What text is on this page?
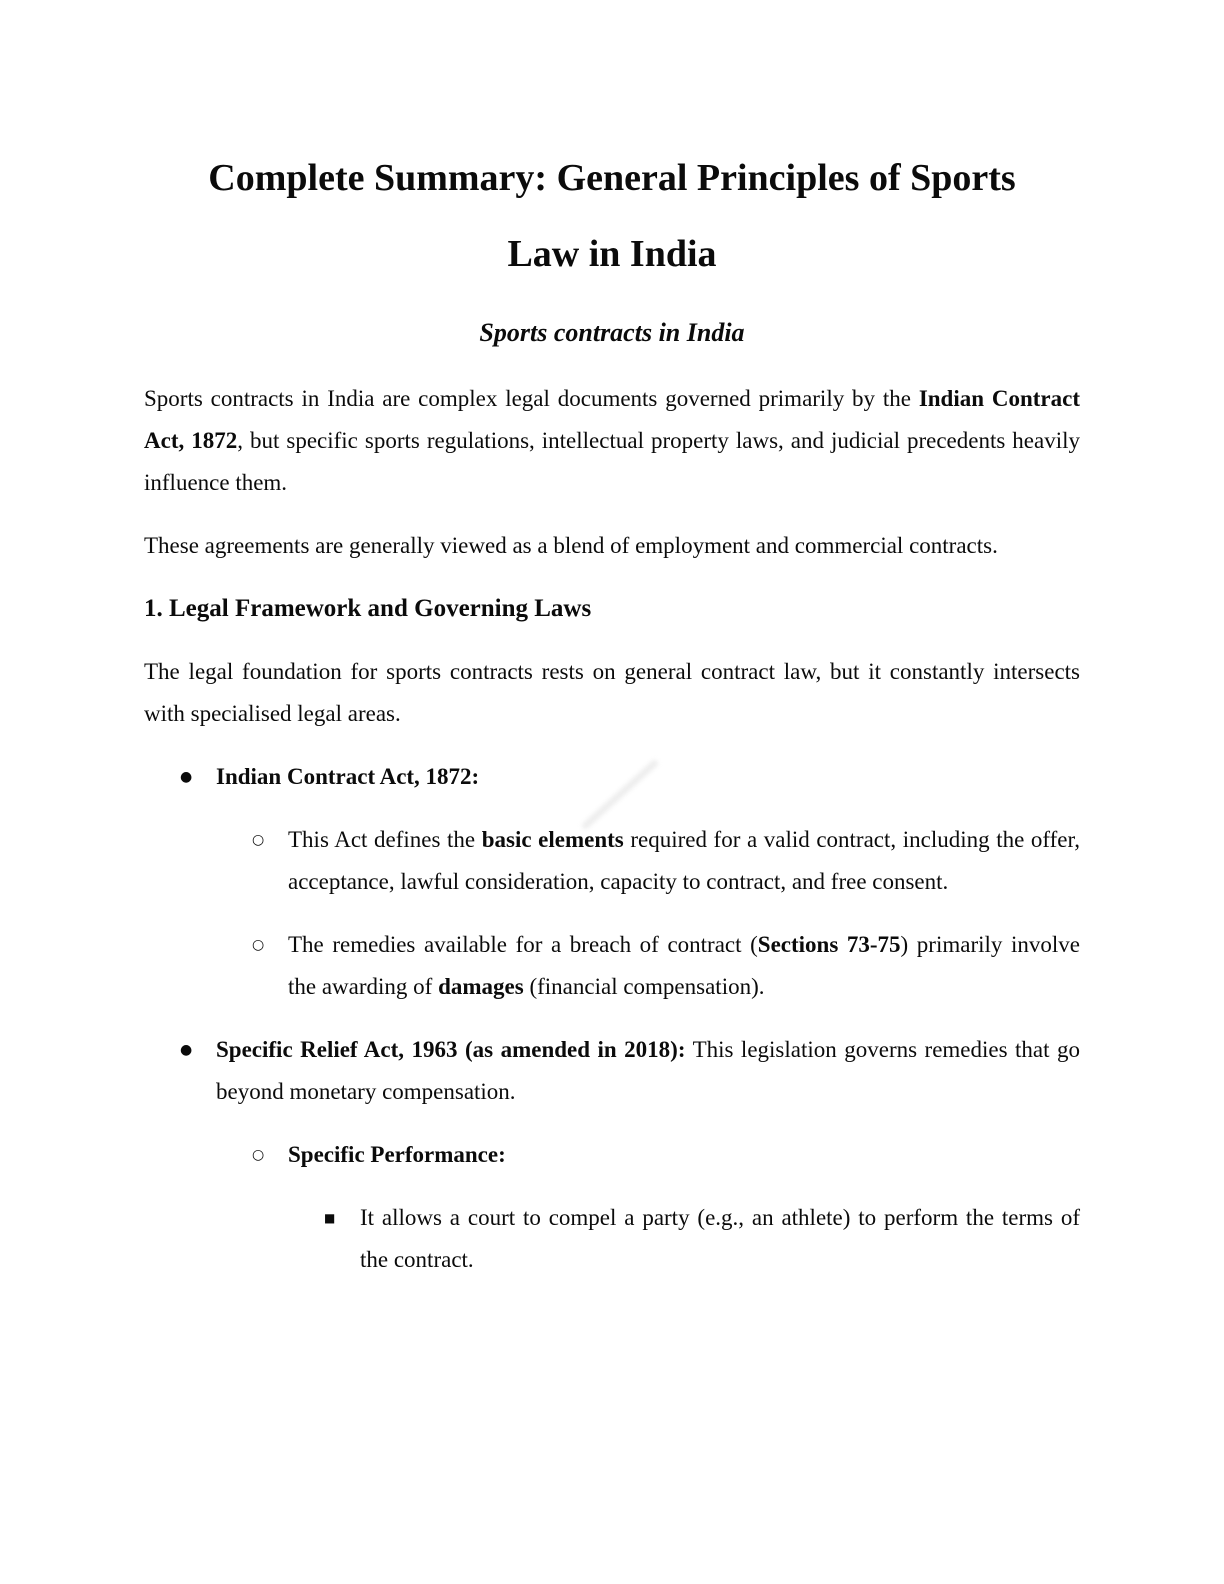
Complete Summary: General Principles of Sports
Law in India
Sports contracts in India

Sports contracts in India are complex legal documents governed primarily by the Indian Contract Act, 1872, but specific sports regulations, intellectual property laws, and judicial precedents heavily influence them.

These agreements are generally viewed as a blend of employment and commercial contracts.

1. Legal Framework and Governing Laws

The legal foundation for sports contracts rests on general contract law, but it constantly intersects with specialised legal areas.

●	Indian Contract Act, 1872:
○	This Act defines the basic elements required for a valid contract, including the offer, acceptance, lawful consideration, capacity to contract, and free consent.
○	The remedies available for a breach of contract (Sections 73-75) primarily involve the awarding of damages (financial compensation).
●	Specific Relief Act, 1963 (as amended in 2018): This legislation governs remedies that go beyond monetary compensation.
○	Specific Performance:
■	It allows a court to compel a party (e.g., an athlete) to perform the terms of the contract.
